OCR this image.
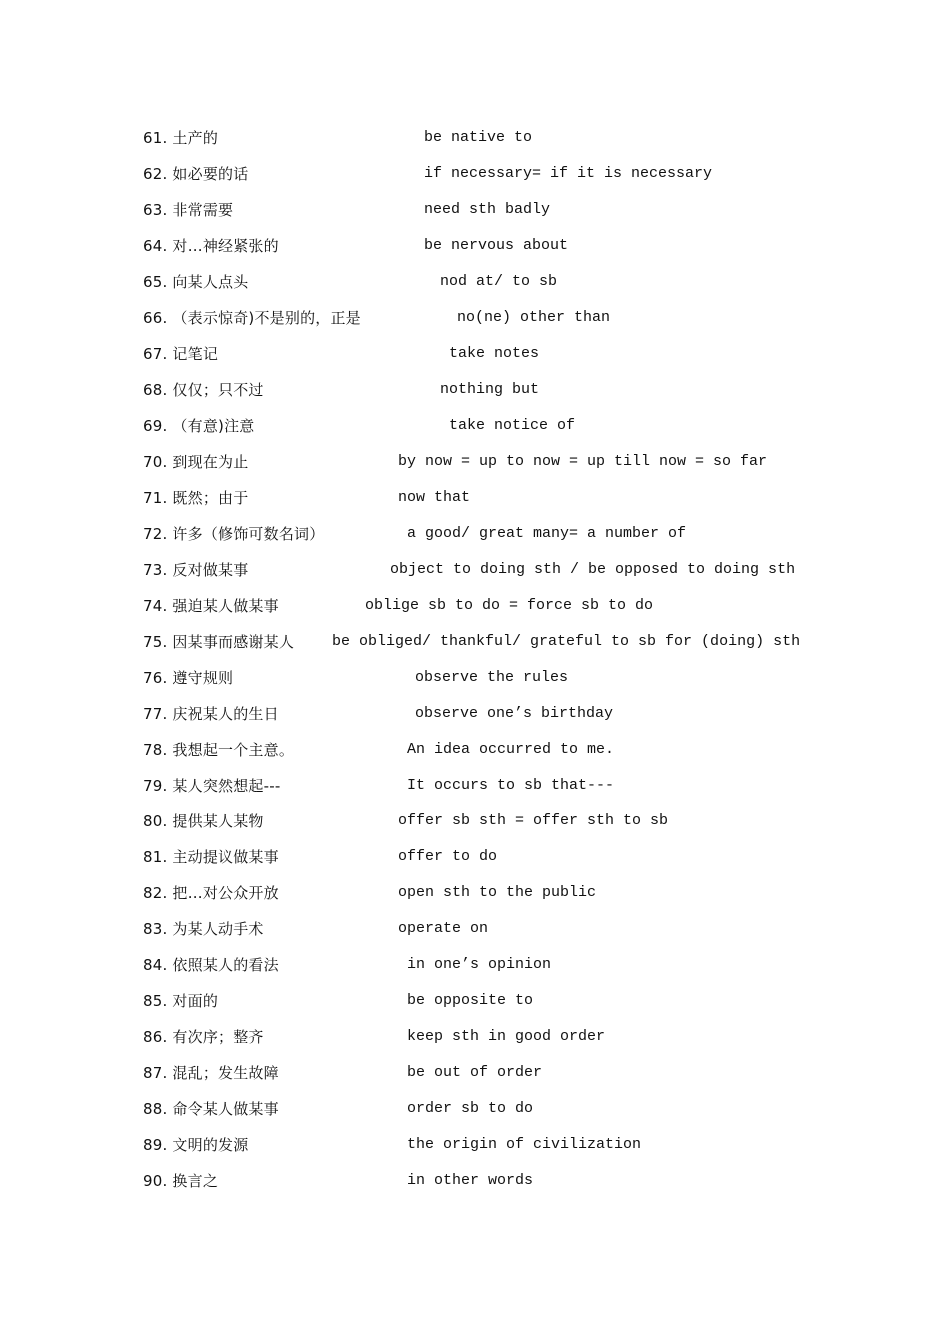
61. 土产的	be native to
62. 如必要的话	if necessary= if it is necessary
63. 非常需要	need sth badly
64. 对…神经紧张的	be nervous about
65. 向某人点头	nod at/ to sb
66. （表示惊奇)不是别的，正是	no(ne) other than
67. 记笔记	take notes
68. 仅仅；只不过	nothing but
69. （有意)注意	take notice of
70. 到现在为止	by now = up to now = up till now = so far
71. 既然；由于	now that
72. 许多（修饰可数名词）	a good/ great many= a number of
73. 反对做某事	object to doing sth / be opposed to doing sth
74. 强迫某人做某事	oblige sb to do = force sb to do
75. 因某事而感谢某人	be obliged/ thankful/ grateful to sb for (doing) sth
76. 遵守规则	observe the rules
77. 庆祝某人的生日	observe one’s birthday
78. 我想起一个主意。	An idea occurred to me.
79. 某人突然想起---	It occurs to sb that---
80. 提供某人某物	offer sb sth = offer sth to sb
81. 主动提议做某事	offer to do
82. 把…对公众开放	open sth to the public
83. 为某人动手术	operate on
84. 依照某人的看法	in one’s opinion
85. 对面的	be opposite to
86. 有次序；整齐	keep sth in good order
87. 混乱；发生故障	be out of order
88. 命令某人做某事	order sb to do
89. 文明的发源	the origin of civilization
90. 换言之	in other words
